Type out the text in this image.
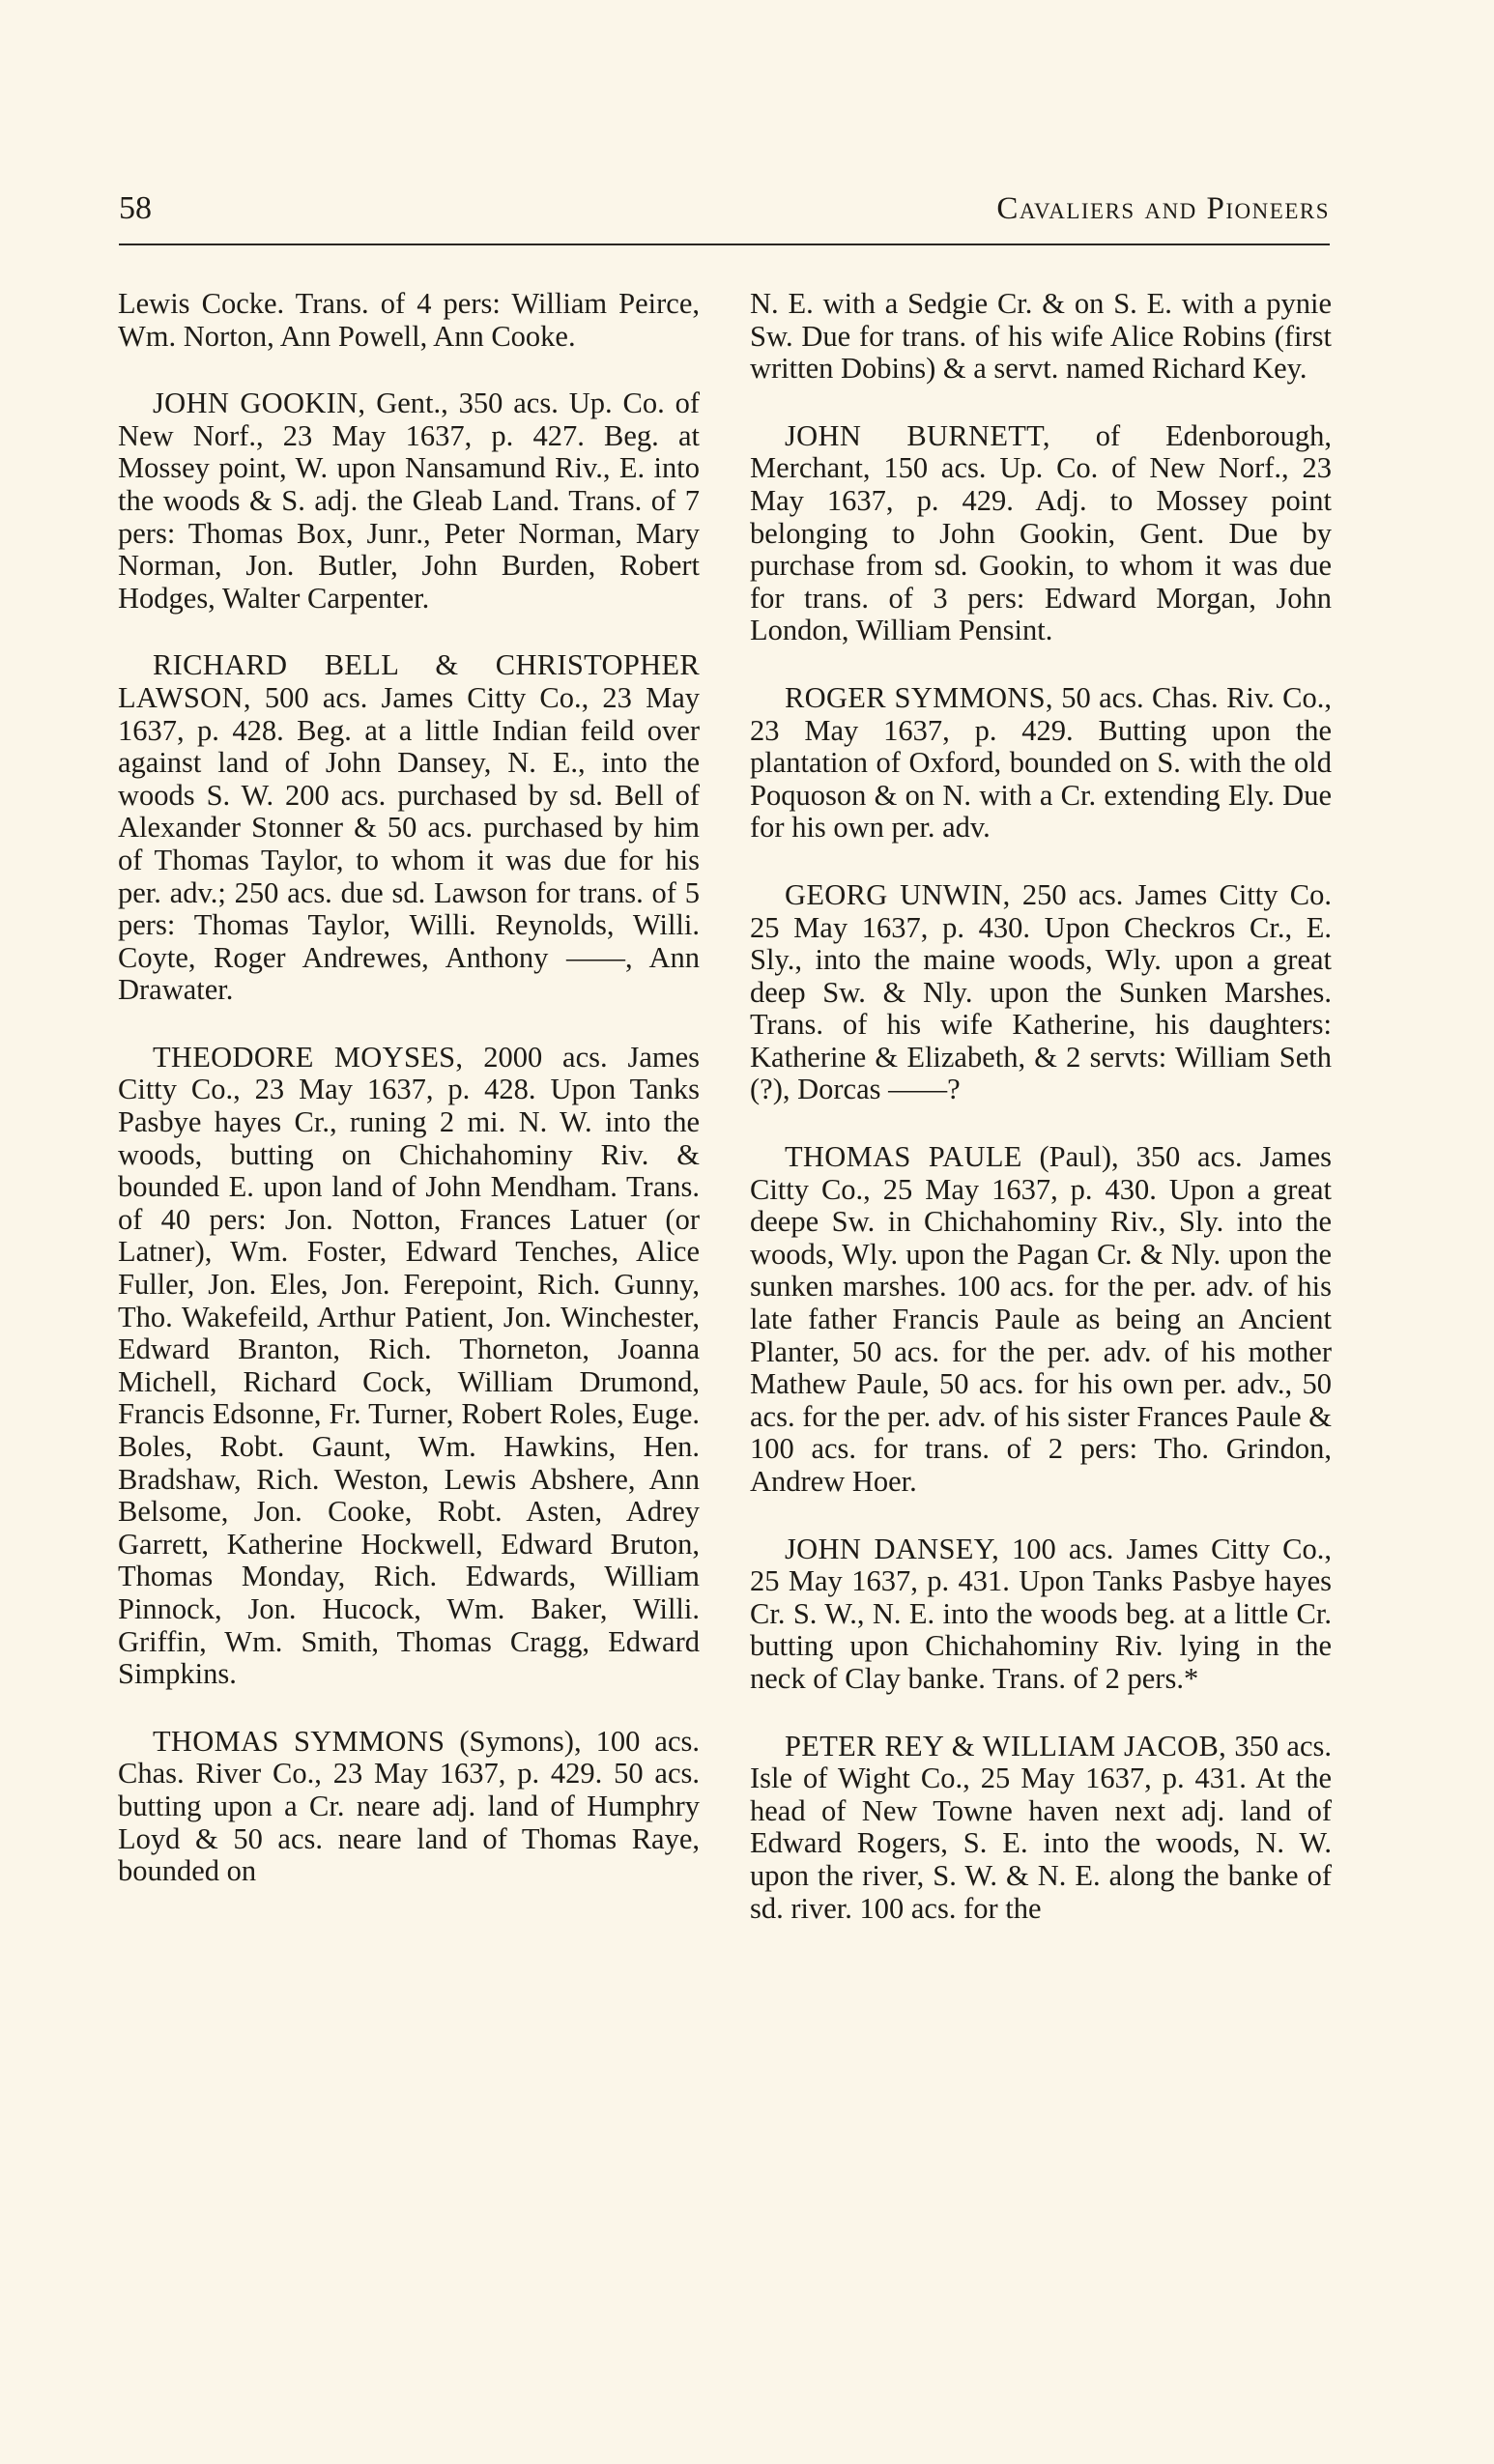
58	Cavaliers and Pioneers

Lewis Cocke. Trans. of 4 pers: William Peirce, Wm. Norton, Ann Powell, Ann Cooke.

JOHN GOOKIN, Gent., 350 acs. Up. Co. of New Norf., 23 May 1637, p. 427. Beg. at Mossey point, W. upon Nansamund Riv., E. into the woods & S. adj. the Gleab Land. Trans. of 7 pers: Thomas Box, Junr., Peter Norman, Mary Norman, Jon. Butler, John Burden, Robert Hodges, Walter Carpenter.

RICHARD BELL & CHRISTOPHER LAWSON, 500 acs. James Citty Co., 23 May 1637, p. 428. Beg. at a little Indian feild over against land of John Dansey, N. E., into the woods S. W. 200 acs. purchased by sd. Bell of Alexander Stonner & 50 acs. purchased by him of Thomas Taylor, to whom it was due for his per. adv.; 250 acs. due sd. Lawson for trans. of 5 pers: Thomas Taylor, Willi. Reynolds, Willi. Coyte, Roger Andrewes, Anthony ——, Ann Drawater.

THEODORE MOYSES, 2000 acs. James Citty Co., 23 May 1637, p. 428. Upon Tanks Pasbye hayes Cr., runing 2 mi. N. W. into the woods, butting on Chichahominy Riv. & bounded E. upon land of John Mendham. Trans. of 40 pers: Jon. Notton, Frances Latuer (or Latner), Wm. Foster, Edward Tenches, Alice Fuller, Jon. Eles, Jon. Ferepoint, Rich. Gunny, Tho. Wakefeild, Arthur Patient, Jon. Winchester, Edward Branton, Rich. Thorneton, Joanna Michell, Richard Cock, William Drumond, Francis Edsonne, Fr. Turner, Robert Roles, Euge. Boles, Robt. Gaunt, Wm. Hawkins, Hen. Bradshaw, Rich. Weston, Lewis Abshere, Ann Belsome, Jon. Cooke, Robt. Asten, Adrey Garrett, Katherine Hockwell, Edward Bruton, Thomas Monday, Rich. Edwards, William Pinnock, Jon. Hucock, Wm. Baker, Willi. Griffin, Wm. Smith, Thomas Cragg, Edward Simpkins.

THOMAS SYMMONS (Symons), 100 acs. Chas. River Co., 23 May 1637, p. 429. 50 acs. butting upon a Cr. neare adj. land of Humphry Loyd & 50 acs. neare land of Thomas Raye, bounded on

N. E. with a Sedgie Cr. & on S. E. with a pynie Sw. Due for trans. of his wife Alice Robins (first written Dobins) & a servt. named Richard Key.

JOHN BURNETT, of Edenborough, Merchant, 150 acs. Up. Co. of New Norf., 23 May 1637, p. 429. Adj. to Mossey point belonging to John Gookin, Gent. Due by purchase from sd. Gookin, to whom it was due for trans. of 3 pers: Edward Morgan, John London, William Pensint.

ROGER SYMMONS, 50 acs. Chas. Riv. Co., 23 May 1637, p. 429. Butting upon the plantation of Oxford, bounded on S. with the old Poquoson & on N. with a Cr. extending Ely. Due for his own per. adv.

GEORG UNWIN, 250 acs. James Citty Co. 25 May 1637, p. 430. Upon Checkros Cr., E. Sly., into the maine woods, Wly. upon a great deep Sw. & Nly. upon the Sunken Marshes. Trans. of his wife Katherine, his daughters: Katherine & Elizabeth, & 2 servts: William Seth (?), Dorcas ——?

THOMAS PAULE (Paul), 350 acs. James Citty Co., 25 May 1637, p. 430. Upon a great deepe Sw. in Chichahominy Riv., Sly. into the woods, Wly. upon the Pagan Cr. & Nly. upon the sunken marshes. 100 acs. for the per. adv. of his late father Francis Paule as being an Ancient Planter, 50 acs. for the per. adv. of his mother Mathew Paule, 50 acs. for his own per. adv., 50 acs. for the per. adv. of his sister Frances Paule & 100 acs. for trans. of 2 pers: Tho. Grindon, Andrew Hoer.

JOHN DANSEY, 100 acs. James Citty Co., 25 May 1637, p. 431. Upon Tanks Pasbye hayes Cr. S. W., N. E. into the woods beg. at a little Cr. butting upon Chichahominy Riv. lying in the neck of Clay banke. Trans. of 2 pers.*

PETER REY & WILLIAM JACOB, 350 acs. Isle of Wight Co., 25 May 1637, p. 431. At the head of New Towne haven next adj. land of Edward Rogers, S. E. into the woods, N. W. upon the river, S. W. & N. E. along the banke of sd. river. 100 acs. for the
